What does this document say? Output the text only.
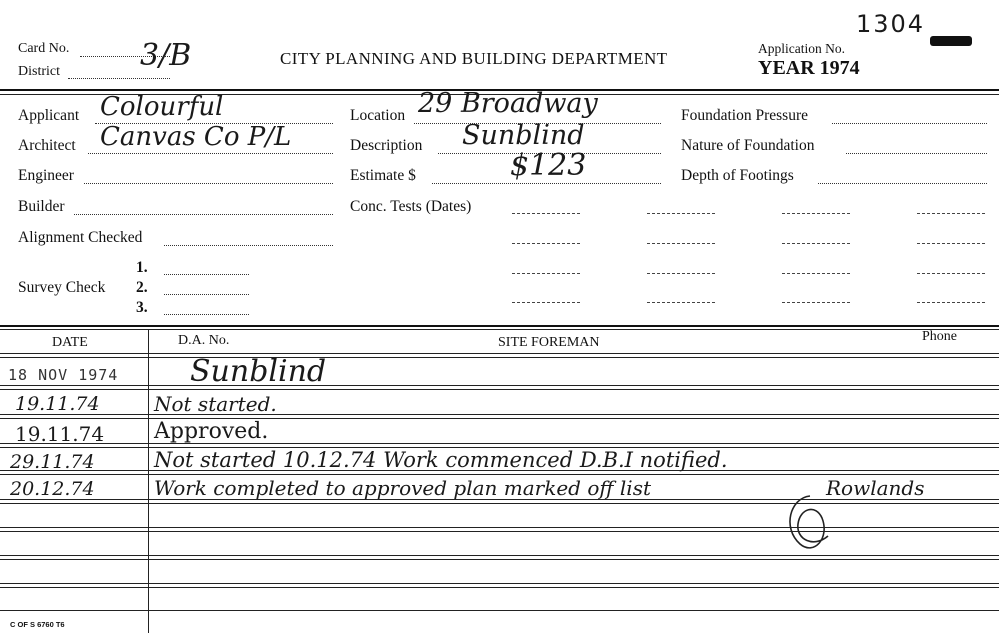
Card No. 3/B
District
CITY PLANNING AND BUILDING DEPARTMENT
Application No.
YEAR 1974
1304
Applicant Colourful
Architect Canvas Co P/L
Engineer
Builder
Alignment Checked
Survey Check
1.
2.
3.
Location 29 Broadway
Description Sunblind
Estimate $	$123
Conc. Tests (Dates)
Foundation Pressure
Nature of Foundation
Depth of Footings
DATE	D.A. No.	SITE FOREMAN	Phone
18 NOV 1974 Sunblind
19.11.74	Not started.
19.11.74 Approved.
29.11.74	Not started 10.12.74 Work commenced D.B.I notified.
20.12.74	Work completed to approved plan marked off list	Rowlands
C OF S 6760 T6
